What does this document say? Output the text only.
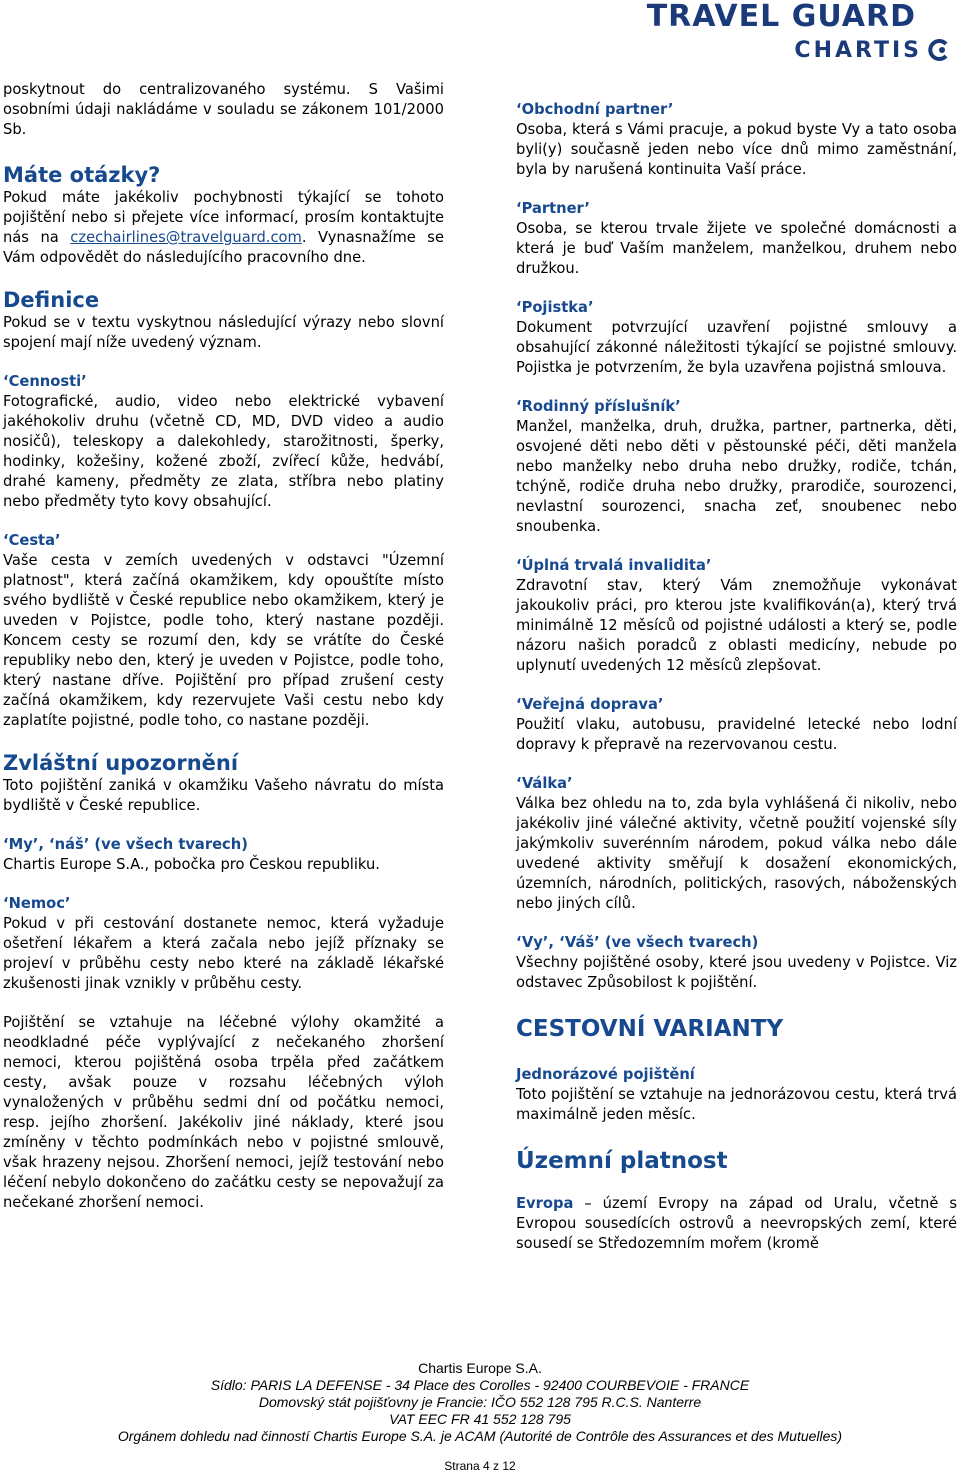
TRAVEL GUARD
CHARTIS

poskytnout do centralizovaného systému. S Vašimi osobními údaji nakládáme v souladu se zákonem 101/2000 Sb.

Máte otázky?

Pokud máte jakékoliv pochybnosti týkající se tohoto pojištění nebo si přejete více informací, prosím kontaktujte nás na czechairlines@travelguard.com. Vynasnažíme se Vám odpovědět do následujícího pracovního dne.

Definice

Pokud se v textu vyskytnou následující výrazy nebo slovní spojení mají níže uvedený význam.

‘Cennosti’

Fotografické, audio, video nebo elektrické vybavení jakéhokoliv druhu (včetně CD, MD, DVD video a audio nosičů), teleskopy a dalekohledy, starožitnosti, šperky, hodinky, kožešiny, kožené zboží, zvířecí kůže, hedvábí, drahé kameny, předměty ze zlata, stříbra nebo platiny nebo předměty tyto kovy obsahující.

‘Cesta’

Vaše cesta v zemích uvedených v odstavci "Územní platnost", která začíná okamžikem, kdy opouštíte místo svého bydliště v České republice nebo okamžikem, který je uveden v Pojistce, podle toho, který nastane později. Koncem cesty se rozumí den, kdy se vrátíte do České republiky nebo den, který je uveden v Pojistce, podle toho, který nastane dříve. Pojištění pro případ zrušení cesty začíná okamžikem, kdy rezervujete Vaši cestu nebo kdy zaplatíte pojistné, podle toho, co nastane později.

Zvláštní upozornění

Toto pojištění zaniká v okamžiku Vašeho návratu do místa bydliště v České republice.

‘My’, ‘náš’ (ve všech tvarech)

Chartis Europe S.A., pobočka pro Českou republiku.

‘Nemoc’

Pokud v při cestování dostanete nemoc, která vyžaduje ošetření lékařem a která začala nebo jejíž příznaky se projeví v průběhu cesty nebo které na základě lékařské zkušenosti jinak vznikly v průběhu cesty.

Pojištění se vztahuje na léčebné výlohy okamžité a neodkladné péče vyplývající z nečekaného zhoršení nemoci, kterou pojištěná osoba trpěla před začátkem cesty, avšak pouze v rozsahu léčebných výloh vynaložených v průběhu sedmi dní od počátku nemoci, resp. jejího zhoršení. Jakékoliv jiné náklady, které jsou zmíněny v těchto podmínkách nebo v pojistné smlouvě, však hrazeny nejsou. Zhoršení nemoci, jejíž testování nebo léčení nebylo dokončeno do začátku cesty se nepovažují za nečekané zhoršení nemoci.

‘Obchodní partner’

Osoba, která s Vámi pracuje, a pokud byste Vy a tato osoba byli(y) současně jeden nebo více dnů mimo zaměstnání, byla by narušená kontinuita Vaší práce.

‘Partner’

Osoba, se kterou trvale žijete ve společné domácnosti a která je buď Vaším manželem, manželkou, druhem nebo družkou.

‘Pojistka’

Dokument potvrzující uzavření pojistné smlouvy a obsahující zákonné náležitosti týkající se pojistné smlouvy. Pojistka je potvrzením, že byla uzavřena pojistná smlouva.

‘Rodinný příslušník’

Manžel, manželka, druh, družka, partner, partnerka, děti, osvojené děti nebo děti v pěstounské péči, děti manžela nebo manželky nebo druha nebo družky, rodiče, tchán, tchýně, rodiče druha nebo družky, prarodiče, sourozenci, nevlastní sourozenci, snacha zeť, snoubenec nebo snoubenka.

‘Úplná trvalá invalidita’

Zdravotní stav, který Vám znemožňuje vykonávat jakoukoliv práci, pro kterou jste kvalifikován(a), který trvá minimálně 12 měsíců od pojistné události a který se, podle názoru našich poradců z oblasti medicíny, nebude po uplynutí uvedených 12 měsíců zlepšovat.

‘Veřejná doprava’

Použití vlaku, autobusu, pravidelné letecké nebo lodní dopravy k přepravě na rezervovanou cestu.

‘Válka’

Válka bez ohledu na to, zda byla vyhlášená či nikoliv, nebo jakékoliv jiné válečné aktivity, včetně použití vojenské síly jakýmkoliv suverénním národem, pokud válka nebo dále uvedené aktivity směřují k dosažení ekonomických, územních, národních, politických, rasových, náboženských nebo jiných cílů.

‘Vy’, ‘Váš’ (ve všech tvarech)

Všechny pojištěné osoby, které jsou uvedeny v Pojistce. Viz odstavec Způsobilost k pojištění.

CESTOVNÍ VARIANTY
Jednorázové pojištění

Toto pojištění se vztahuje na jednorázovou cestu, která trvá maximálně jeden měsíc.

Územní platnost

Evropa – území Evropy na západ od Uralu, včetně s Evropou sousedících ostrovů a neevropských zemí, které sousedí se Středozemním mořem (kromě

Chartis Europe S.A.
Sídlo: PARIS LA DEFENSE - 34 Place des Corolles - 92400 COURBEVOIE - FRANCE
Domovský stát pojišťovny je Francie: IČO 552 128 795 R.C.S. Nanterre
VAT EEC FR 41 552 128 795
Orgánem dohledu nad činností Chartis Europe S.A. je ACAM (Autorité de Contrôle des Assurances et des Mutuelles)
Strana 4 z 12
